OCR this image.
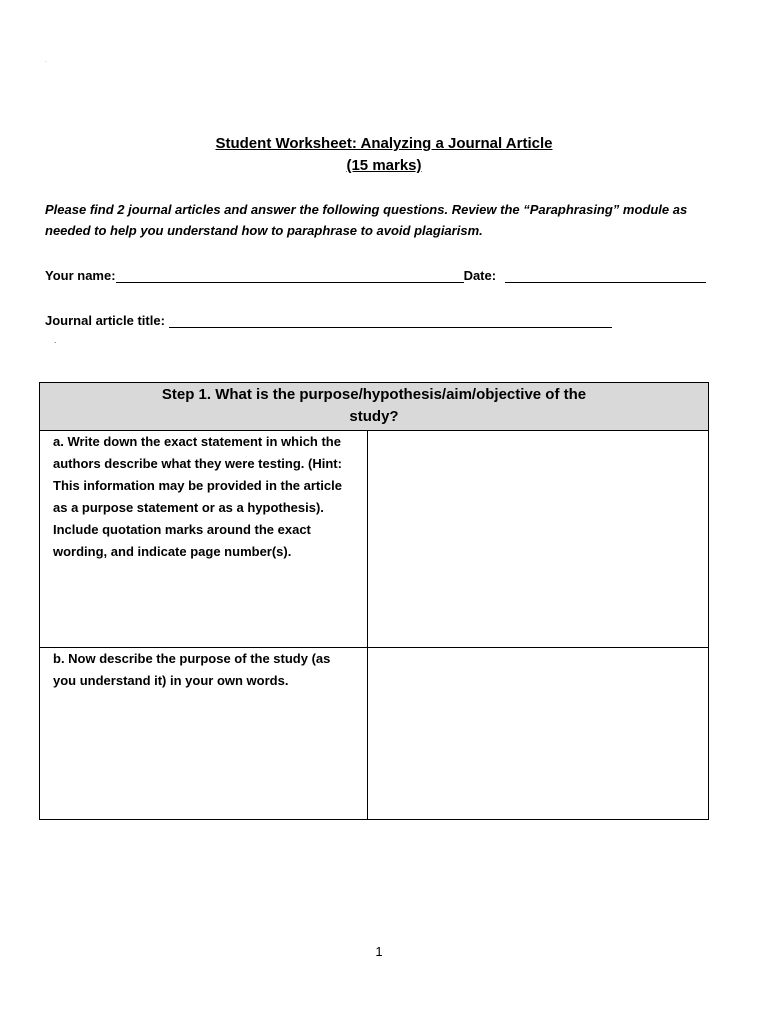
.
Student Worksheet: Analyzing a Journal Article
(15 marks)
Please find 2 journal articles and answer the following questions. Review the “Paraphrasing” module as needed to help you understand how to paraphrase to avoid plagiarism.
Your name:	Date:
Journal article title:
.
Step 1. What is the purpose/hypothesis/aim/objective of the study?	
a. Write down the exact statement in which the authors describe what they were testing. (Hint: This information may be provided in the article as a purpose statement or as a hypothesis). Include quotation marks around the exact wording, and indicate page number(s).	
b. Now describe the purpose of the study (as you understand it) in your own words.	
1
